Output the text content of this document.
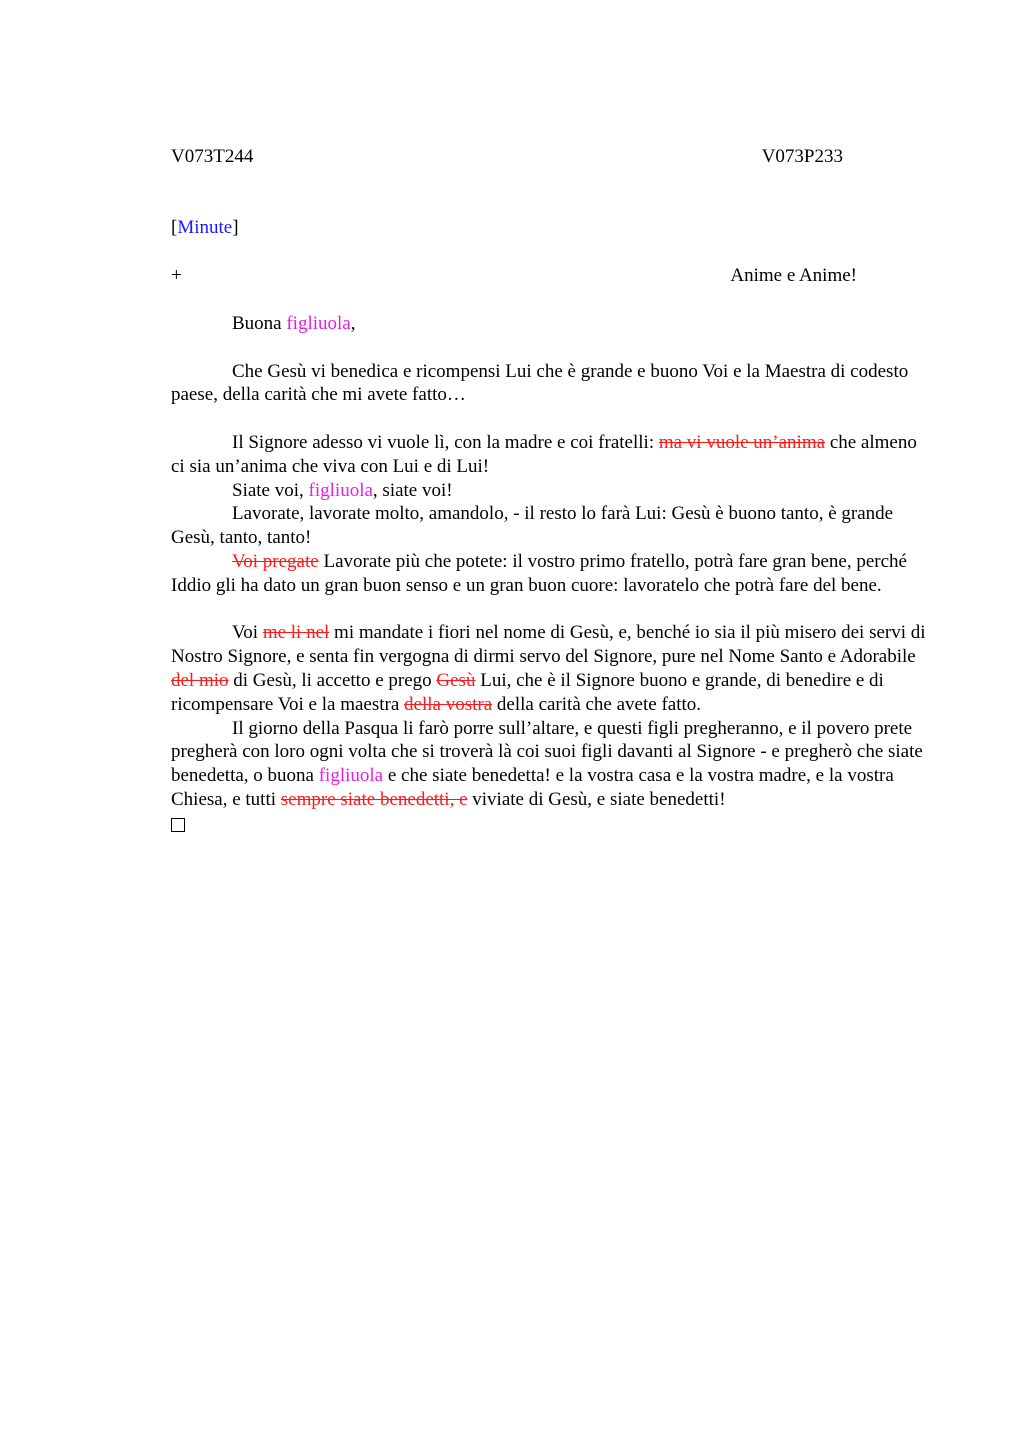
V073T244	V073P233
[Minute]
+	Anime e Anime!

Buona figliuola,

Che Gesù vi benedica e ricompensi Lui che è grande e buono Voi e la Maestra di codesto paese, della carità che mi avete fatto…

Il Signore adesso vi vuole lì, con la madre e coi fratelli: ma vi vuole un’anima che almeno ci sia un’anima che viva con Lui e di Lui!

Siate voi, figliuola, siate voi!

Lavorate, lavorate molto, amandolo, - il resto lo farà Lui: Gesù è buono tanto, è grande Gesù, tanto, tanto!

Voi pregate Lavorate più che potete: il vostro primo fratello, potrà fare gran bene, perché Iddio gli ha dato un gran buon senso e un gran buon cuore: lavoratelo che potrà fare del bene.

Voi me li nel mi mandate i fiori nel nome di Gesù, e, benché io sia il più misero dei servi di Nostro Signore, e senta fin vergogna di dirmi servo del Signore, pure nel Nome Santo e Adorabile del mio di Gesù, li accetto e prego Gesù Lui, che è il Signore buono e grande, di benedire e di ricompensare Voi e la maestra della vostra della carità che avete fatto.

Il giorno della Pasqua li farò porre sull’altare, e questi figli pregheranno, e il povero prete pregherà con loro ogni volta che si troverà là coi suoi figli davanti al Signore - e pregherò che siate benedetta, o buona figliuola e che siate benedetta! e la vostra casa e la vostra madre, e la vostra Chiesa, e tutti sempre siate benedetti, e viviate di Gesù, e siate benedetti!
